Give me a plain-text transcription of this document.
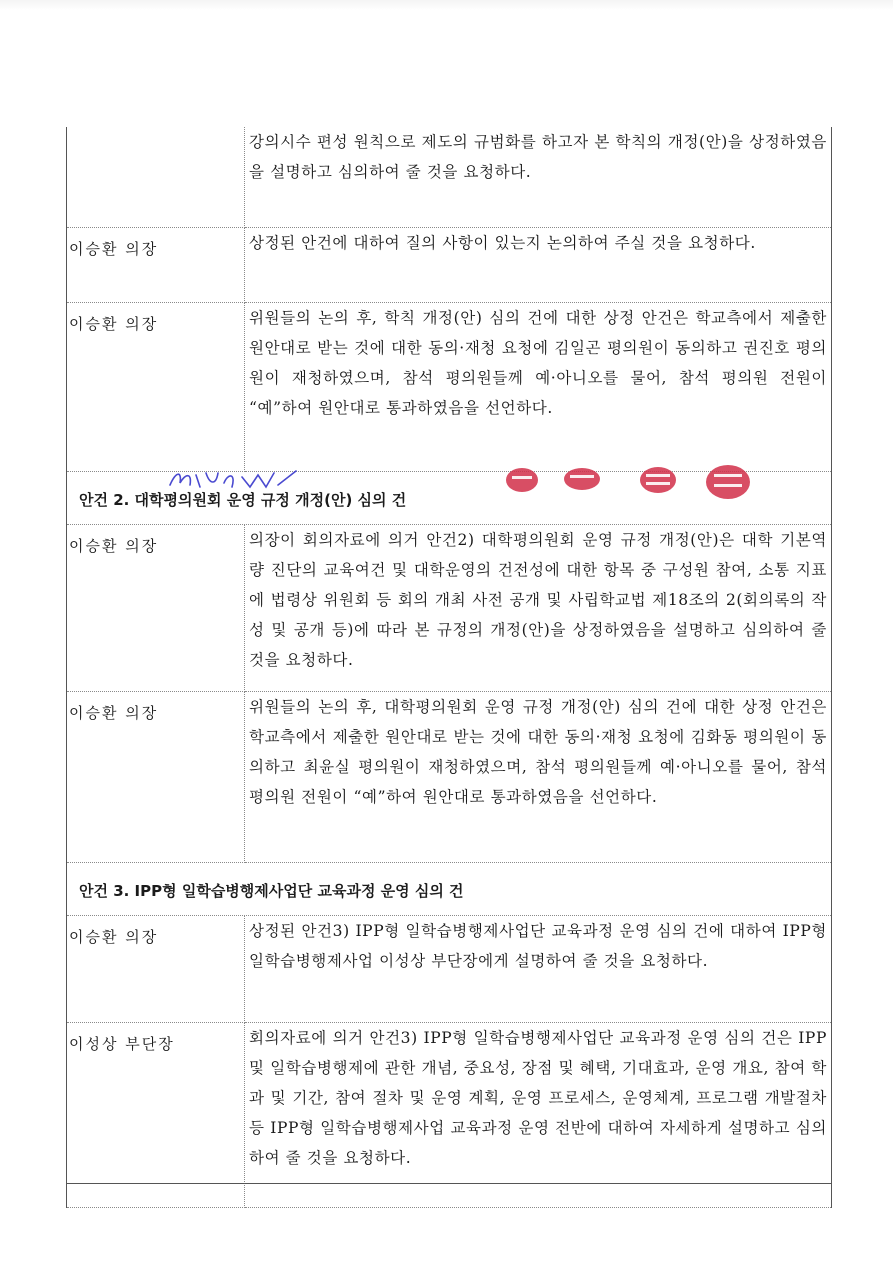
	강의시수 편성 원칙으로 제도의 규범화를 하고자 본 학칙의 개정(안)을 상정하였음을 설명하고 심의하여 줄 것을 요청하다.
이승환 의장	상정된 안건에 대하여 질의 사항이 있는지 논의하여 주실 것을 요청하다.
이승환 의장	위원들의 논의 후, 학칙 개정(안) 심의 건에 대한 상정 안건은 학교측에서 제출한 원안대로 받는 것에 대한 동의·재청 요청에 김일곤 평의원이 동의하고 권진호 평의원이 재청하였으며, 참석 평의원들께 예·아니오를 물어, 참석 평의원 전원이 “예”하여 원안대로 통과하였음을 선언하다.
안건 2. 대학평의원회 운영 규정 개정(안) 심의 건	
이승환 의장	의장이 회의자료에 의거 안건2) 대학평의원회 운영 규정 개정(안)은 대학 기본역량 진단의 교육여건 및 대학운영의 건전성에 대한 항목 중 구성원 참여, 소통 지표에 법령상 위원회 등 회의 개최 사전 공개 및 사립학교법 제18조의 2(회의록의 작성 및 공개 등)에 따라 본 규정의 개정(안)을 상정하였음을 설명하고 심의하여 줄 것을 요청하다.
이승환 의장	위원들의 논의 후, 대학평의원회 운영 규정 개정(안) 심의 건에 대한 상정 안건은 학교측에서 제출한 원안대로 받는 것에 대한 동의·재청 요청에 김화동 평의원이 동의하고 최윤실 평의원이 재청하였으며, 참석 평의원들께 예·아니오를 물어, 참석 평의원 전원이 “예”하여 원안대로 통과하였음을 선언하다.
안건 3. IPP형 일학습병행제사업단 교육과정 운영 심의 건	
이승환 의장	상정된 안건3) IPP형 일학습병행제사업단 교육과정 운영 심의 건에 대하여 IPP형 일학습병행제사업 이성상 부단장에게 설명하여 줄 것을 요청하다.
이성상 부단장	회의자료에 의거 안건3) IPP형 일학습병행제사업단 교육과정 운영 심의 건은 IPP 및 일학습병행제에 관한 개념, 중요성, 장점 및 혜택, 기대효과, 운영 개요, 참여 학과 및 기간, 참여 절차 및 운영 계획, 운영 프로세스, 운영체계, 프로그램 개발절차 등 IPP형 일학습병행제사업 교육과정 운영 전반에 대하여 자세하게 설명하고 심의하여 줄 것을 요청하다.
